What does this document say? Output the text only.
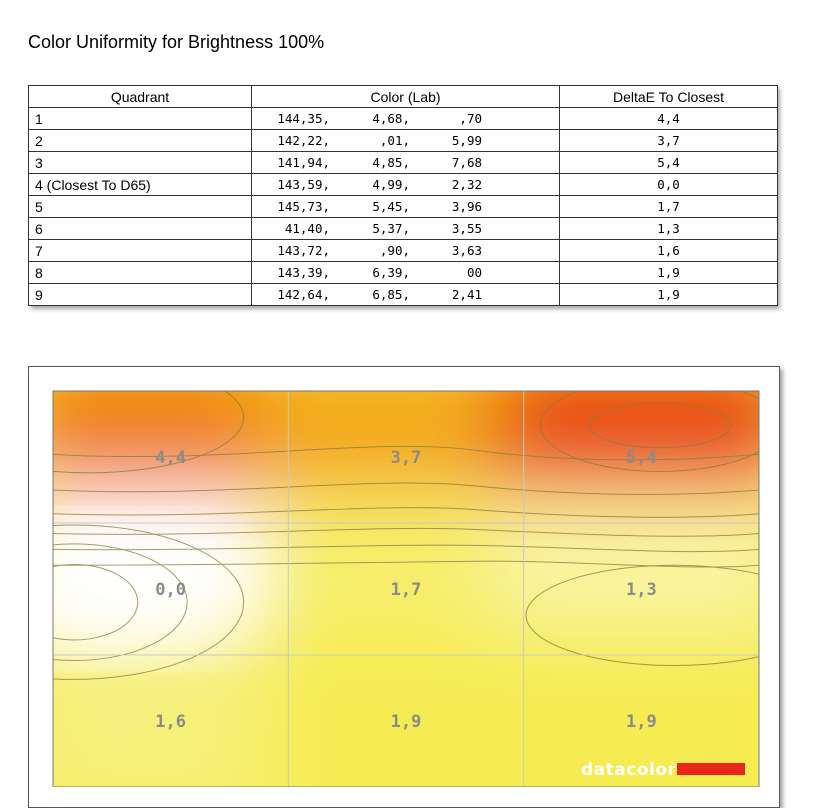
Color Uniformity for Brightness 100%
Quadrant	Color (Lab)	DeltaE To Closest
1	144,35, 4,68, ,70	4,4
2	142,22, ,01, 5,99	3,7
3	141,94, 4,85, 7,68	5,4
4 (Closest To D65)	143,59, 4,99, 2,32	0,0
5	145,73, 5,45, 3,96	1,7
6	41,40, 5,37, 3,55	1,3
7	143,72, ,90, 3,63	1,6
8	143,39, 6,39, 00	1,9
9	142,64, 6,85, 2,41	1,9
4,4	3,7	5,4
0,0	1,7	1,3
1,6	1,9	1,9
datacolor
